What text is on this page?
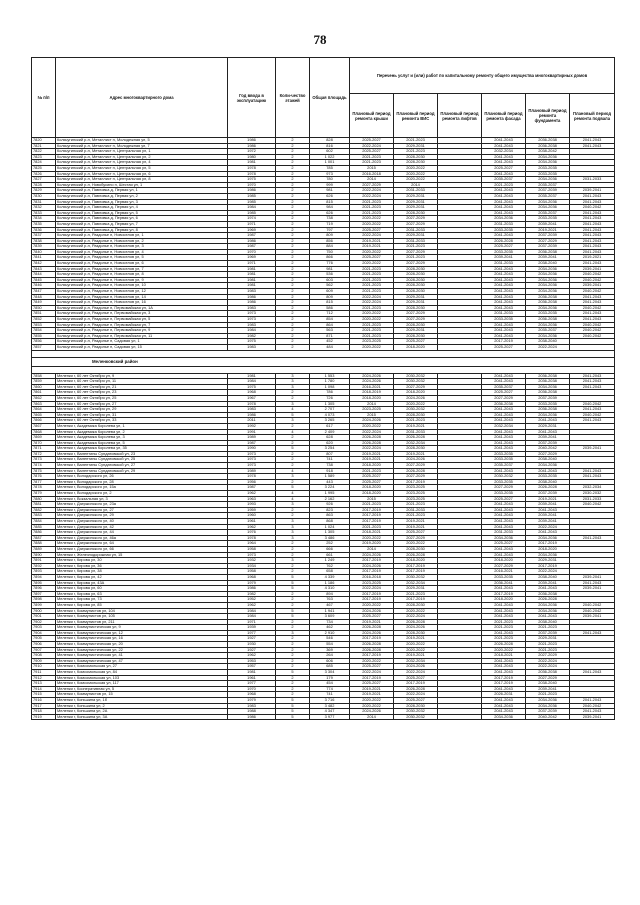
78
№ п/п	Адрес многоквартирного дома	Год ввода в эксплуатацию	Коли-чество этажей	Общая площадь	Перечень услуг и (или) работ по капитальному ремонту общего имущества многоквартирных домов					
					Плановый период ремонта крыши	Плановый период ремонта ВИС	Плановый период ремонта лифтов	Плановый период ремонта фасада	Плановый период ремонта фундамента	Плановый период ремонта подвала
7820	Кольчугинский р-н, Металлист п, Молодежная ул, 5	1986	2	828	2025-2027	2021-2023		2041-2043	2036-2038	2041-2043
7821	Кольчугинский р-н, Металлист п, Молодежная ул, 7	1986	2	816	2022-2024	2029-2031		2041-2043	2036-2038	2041-2043
7822	Кольчугинский р-н, Металлист п, Центральная ул, 1	1972	2	602	2025-2027	2021-2023		2032-2034	2038-2042	
7823	Кольчугинский р-н, Металлист п, Центральная ул, 2	1980	2	1 022	2021-2023	2028-2030		2041-2043	2034-2036	
7824	Кольчугинский р-н, Металлист п, Центральная ул, 4	1981	2	1 001	2021-2023	2028-2030		2041-2043	2034-2036	
7825	Кольчугинский р-н, Металлист п, Центральная ул, 5	1978	2	785	2015	2020-2022		2025-2027	2033-2035	
7826	Кольчугинский р-н, Металлист п, Центральная ул, 6	1978	2	973	2016-2018	2020-2022		2041-2043	2033-2035	
7827	Кольчугинский р-н, Металлист п, Центральная ул, 8	1975	2	780	2014	2020-2022		2035-2037	2034-2036	2031-2033
7828	Кольчугинский р-н, Новобусино п, Шестая ул, 1	1970	2	999	2027-2029	2014		2021-2023	2035-2037	
7829	Кольчугинский р-н, Павловка д, Первая ул, 1	1986	2	981	2022-2024	2031-2033		2041-2043	2037-2039	2039-2041
7830	Кольчугинский р-н, Павловка д, Первая ул, 2	1985	2	626	2022-2024	2029-2031		2041-2043	2035-2037	2041-2043
7831	Кольчугинский р-н, Павловка д, Первая ул, 3	1985	2	815	2021-2023	2029-2031		2041-2043	2034-2036	2041-2043
7832	Кольчугинский р-н, Павловка д, Первая ул, 4	1984	2	984	2021-2023	2029-2031		2041-2043	2034-2036	2040-2042
7833	Кольчугинский р-н, Павловка д, Первая ул, 5	1985	2	626	2021-2023	2028-2030		2041-2043	2035-2037	2041-2043
7834	Кольчугинский р-н, Павловка д, Первая ул, 6	1974	2	738	2020-2022	2027-2029		2034-2036	2033-2035	2041-2043
7835	Кольчугинский р-н, Павловка д, Первая ул, 7	1971	2	719	2020-2022	2027-2029		2031-2033	2039-2041	2041-2043
7836	Кольчугинский р-н, Павловка д, Первая ул, 8	1969	2	797	2025-2027	2031-2033		2033-2035	2019-2021	2041-2043
7837	Кольчугинский р-н, Раздолье п, Новоселов ул, 1	1987	2	809	2022-2024	2029-2031		2041-2043	2037-2039	2041-2043
7838	Кольчугинский р-н, Раздолье п, Новоселов ул, 2	1986	2	856	2019-2021	2031-2033		2026-2028	2027-2029	2041-2043
7839	Кольчугинский р-н, Раздолье п, Новоселов ул, 3	1987	2	884	2019-2021	2021-2023		2025-2027	2037-2039	2041-2043
7840	Кольчугинский р-н, Раздолье п, Новоселов ул, 4	1970	2	750	2020-2022	2027-2029		2033-2035	2036-2038	2041-2043
7841	Кольчугинский р-н, Раздолье п, Новоселов ул, 5	1969	2	866	2025-2027	2021-2023		2039-2041	2039-2041	2019-2021
7842	Кольчугинский р-н, Раздолье п, Новоселов ул, 6	1971	2	776	2020-2022	2027-2029		2031-2033	2038-2040	2041-2043
7843	Кольчугинский р-н, Раздолье п, Новоселов ул, 7	1981	2	981	2021-2023	2028-2030		2041-2043	2034-2036	2039-2041
7844	Кольчугинский р-н, Раздолье п, Новоселов ул, 8	1981	2	536	2021-2023	2028-2030		2041-2043	2034-2036	2040-2042
7845	Кольчугинский р-н, Раздолье п, Новоселов ул, 9	1981	2	603	2021-2023	2028-2030		2041-2043	2034-2036	2040-2042
7846	Кольчугинский р-н, Раздолье п, Новоселов ул, 10	1981	2	562	2021-2023	2028-2030		2041-2043	2034-2036	2039-2041
7847	Кольчугинский р-н, Раздолье п, Новоселов ул, 12	1983	2	609	2021-2023	2028-2030		2041-2043	2034-2036	2040-2042
7848	Кольчугинский р-н, Раздолье п, Новоселов ул, 14	1986	2	809	2022-2024	2029-2031		2041-2043	2036-2038	2041-2043
7849	Кольчугинский р-н, Раздолье п, Новоселов ул, 16	1986	2	815	2022-2024	2029-2031		2041-2043	2036-2038	2041-2043
7850	Кольчугинский р-н, Раздолье п, Первомайская ул, 1А	1983	2	586	2021-2023	2028-2030		2041-2043	2034-2036	2040-2042
7851	Кольчугинский р-н, Раздолье п, Первомайская ул, 3	1973	2	712	2020-2022	2027-2029		2031-2033	2033-2035	2041-2043
7852	Кольчугинский р-н, Раздолье п, Первомайская ул, 5	1973	2	854	2020-2022	2027-2029		2033-2035	2036-2038	2041-2043
7853	Кольчугинский р-н, Раздолье п, Первомайская ул, 7	1983	2	864	2021-2023	2028-2030		2041-2043	2034-2036	2040-2042
7854	Кольчугинский р-н, Раздолье п, Первомайская ул, 9	1984	2	563	2021-2023	2029-2031		2041-2043	2035-2037	2040-2042
7855	Кольчугинский р-н, Раздолье п, Первомайская ул, 11	1982	2	871	2021-2023	2028-2030		2041-2043	2034-2036	2040-2042
7856	Кольчугинский р-н, Раздолье п, Садовая ул, 1	1975	2	452	2023-2025	2025-2027		2017-2019	2038-2040	
7857	Кольчугинский р-н, Раздолье п, Садовая ул, 15	1983	2	484	2020-2022	2018-2020		2025-2027	2022-2024	

Меленковский район										

7858	Меленки г, 60 лет Октября ул, 9	1981	3	1 553	2024-2026	2030-2032		2041-2043	2036-2038	2041-2043
7859	Меленки г, 60 лет Октября ул, 11	1984	3	1 780	2024-2026	2030-2032		2041-2043	2036-2038	2041-2043
7860	Меленки г, 60 лет Октября ул, 21	1975	3	1 098	2016-2021	2027-2029		2035-2037	2034-2036	2041-2043
7861	Меленки г, 60 лет Октября ул, 23	1968	2	786	2018-2019	2018-2020		2025-2027	2036-2038	
7862	Меленки г, 60 лет Октября ул, 25	1967	2	726	2018-2020	2024-2026		2027-2029	2037-2039	
7863	Меленки г, 60 лет Октября ул, 27	1978	3	1 305	2014	2020-2022		2036-2038	2033-2035	2040-2042
7864	Меленки г, 60 лет Октября ул, 29	1983	4	2 707	2023-2025	2030-2032		2041-2043	2036-2038	2041-2043
7865	Меленки г, 60 лет Октября ул, 31	1986	5	4 073	2015	2028-2030		2041-2043	2034-2036	2040-2042
7866	Меленки г, 60 лет Октября ул, 33	2011	3	3 265	2024-2026	2021-2023		2041-2043	2041-2043	2041-2043
7867	Меленки г, Академика Королева ул, 1	1992	2	617	2020-2022	2019-2021		2032-2034	2029-2031	
7868	Меленки г, Академика Королева ул, 2	1991	4	2 409	2022-2024	2031-2033		2041-2043	2041-2043	
7869	Меленки г, Академика Королева ул, 3	1989	2	628	2026-2028	2026-2028		2041-2043	2039-2041	
7870	Меленки г, Академика Королева ул, 5	1987	2	620	2026-2028	2032-2034		2041-2043	2037-2039	
7871	Меленки г, Академика Королева ул, 35	1990	5	3 254	2022-2024	2028-2030		2041-2043	2040-2042	2039-2041
7872	Меленки г, Валентины Сундатовской ул, 23	1973	2	807	2019-2021	2019-2021		2033-2035	2027-2029	
7873	Меленки г, Валентины Сундатовской ул, 25	1973	2	741	2019-2021	2024-2026		2033-2035	2038-2040	
7874	Меленки г, Валентины Сундатовской ул, 27	1973	2	738	2018-2020	2027-2029		2035-2037	2034-2036	
7875	Меленки г, Валентины Сундатовской ул, 29	1989	4	918	2021-2023	2026-2028		2041-2043	2041-2043	2041-2043
7876	Меленки г, Володарского ул, 26	1978	3	1 589	2025-2027	2027-2029		2030-2032	2033-2035	2041-2043
7877	Меленки г, Володарского ул, 28	1956	2	443	2025-2027	2017-2019		2033-2035	2038-2040	
7878	Меленки г, Володарского ул, 15а	1987	5	3 224	2018-2020	2023-2025		2027-2029	2026-2028	2032-2034
7879	Меленки г, Володарского ул, 2	1962	4	1 995	2018-2020	2023-2025		2033-2035	2037-2039	2030-2032
7880	Меленки г, Вокзальная ул, 3	1963	4	2 162	2015	2023-2025		2025-2027	2019-2021	2031-2033
7881	Меленки г, Дзержинского ул, 23а	1993	3	926	2021-2023	2021-2023		2041-2043	2039-2041	2040-2042
7882	Меленки г, Дзержинского ул, 27	1959	2	823	2017-2019	2031-2033		2041-2043	2041-2043	
7883	Меленки г, Дзержинского ул, 29	1960	2	863	2017-2019	2021-2023		2041-2043	2039-2041	
7884	Меленки г, Дзержинского ул, 40	1961	3	868	2017-2019	2019-2021		2041-2043	2039-2041	
7885	Меленки г, Дзержинского ул, 42	1962	3	1 024	2021-2023	2019-2021		2041-2043	2022-2024	
7886	Меленки г, Дзержинского ул, 44	1976	3	1 305	2018-2021	2025-2027		2031-2033	2041-2043	
7887	Меленки г, Дзержинского ул, 46а	1978	3	3 486	2020-2022	2027-2029		2034-2036	2034-2036	2041-2043
7888	Меленки г, Дзержинского ул, 64	1964	2	252	2019-2020	2020-2022		2025-2027	2017-2019	
7889	Меленки г, Дзержинского ул, 66	1958	2	666	2014	2028-2030		2041-2043	2018-2020	
7890	Меленки г, Железнодорожная ул, 15	1973	2	661	2024-2026	2026-2028		2041-2043	2034-2036	
7891	Меленки г, Кирова ул, 30	1932	3	1 249	2017-2019	2018-2020		2018-2020	2029-2031	
7892	Меленки г, Кирова ул, 36	1934	2	762	2024-2026	2017-2019		2027-2029	2017-2019	
7893	Меленки г, Кирова ул, 38	1958	2	658	2017-2019	2017-2019		2016-2021	2022-2024	
7894	Меленки г, Кирова ул, 42	1968	5	4 339	2016-2018	2030-2032		2033-2035	2038-2040	2039-2041
7895	Меленки г, Кирова ул, 43А	1979	5	1 186	2023-2025	2032-2034		2036-2041	2039-2041	2041-2043
7896	Меленки г, Кирова ул, 60	1986	5	4 310	2022-2024	2029-2031		2041-2043	2041-2043	2039-2041
7897	Меленки г, Кирова ул, 63	1982	2	894	2017-2019	2021-2023		2017-2019	2036-2038	
7898	Меленки г, Кирова ул, 73	1952	2	763	2017-2019	2017-2019		2018-2020	2026-2028	
7899	Меленки г, Кирова ул, 85	1962	2	467	2020-2022	2028-2030		2041-2043	2034-2036	2040-2042
7900	Меленки г, Коммунистов ул, 104	1984	5	1 941	2024-2026	2020-2022		2041-2043	2034-2036	2040-2042
7901	Меленки г, Коммунистов ул, 105	1984	5	3 609	2025-2027	2022-2024		2041-2043	2041-2043	2039-2041
7902	Меленки г, Коммунистов ул, 211	1971	2	734	2019-2021	2026-2028		2021-2023	2038-2040	
7903	Меленки г, Коммунистическая ул, 9	1939	2	462	2026-2028	2024-2026		2021-2023	2021-2023	
7904	Меленки г, Коммунистическая ул, 12	1977	3	2 910	2024-2026	2028-2030		2041-2043	2037-2039	2041-2043
7905	Меленки г, Коммунистическая ул, 16	1927	2	546	2017-2019	2019-2021		2021-2023	2029-2031	
7906	Меленки г, Коммунистическая ул, 20	1930	2	554	2026-2028	2020-2022		2026-2028	2021-2023	
7907	Меленки г, Коммунистическая ул, 22	1927	2	369	2026-2028	2020-2022		2020-2022	2021-2023	
7908	Меленки г, Коммунистическая ул, 41	1962	2	264	2017-2019	2019-2021		2018-2021	2027-2029	
7909	Меленки г, Коммунистическая ул, 47	1953	2	606	2020-2022	2032-2034		2041-2043	2022-2024	
7910	Меленки г, Комсомольская ул, 27	1957	2	685	2025-2027	2024-2026		2041-2043	2022-2024	
7911	Меленки г, Комсомольская ул, 84	1981	5	3 304	2022-2024	2022-2024		2041-2043	2036-2038	2041-2043
7912	Меленки г, Комсомольская ул, 103	1961	2	179	2017-2019	2025-2027		2017-2019	2027-2029	
7913	Меленки г, Комсомольская ул, 117	1977	2	454	2025-2027	2017-2019		2017-2019	2038-2040	
7914	Меленки г, Кооперативная ул, 5	1970	2	774	2019-2021	2026-2028		2041-2043	2039-2041	
7915	Меленки г, Коммунистов ул, 15	1968	2	741	2019-2021	2022-2024		2026-2031	2021-2023	
7916	Меленки г, Коньшина ул, 1б	1979	5	3 716	2020-2022	2025-2027		2041-2043	2034-2036	2041-2043
7917	Меленки г, Коньшина ул, 2	1983	5	3 482	2020-2022	2028-2030		2041-2043	2034-2036	2040-2042
7918	Меленки г, Коньшина ул, 2А	1988	5	4 347	2024-2026	2030-2032		2041-2043	2037-2039	2041-2043
7919	Меленки г, Коньшина ул, 3А	1986	5	3 977	2014	2030-2032		2034-2036	2040-2042	2039-2041
